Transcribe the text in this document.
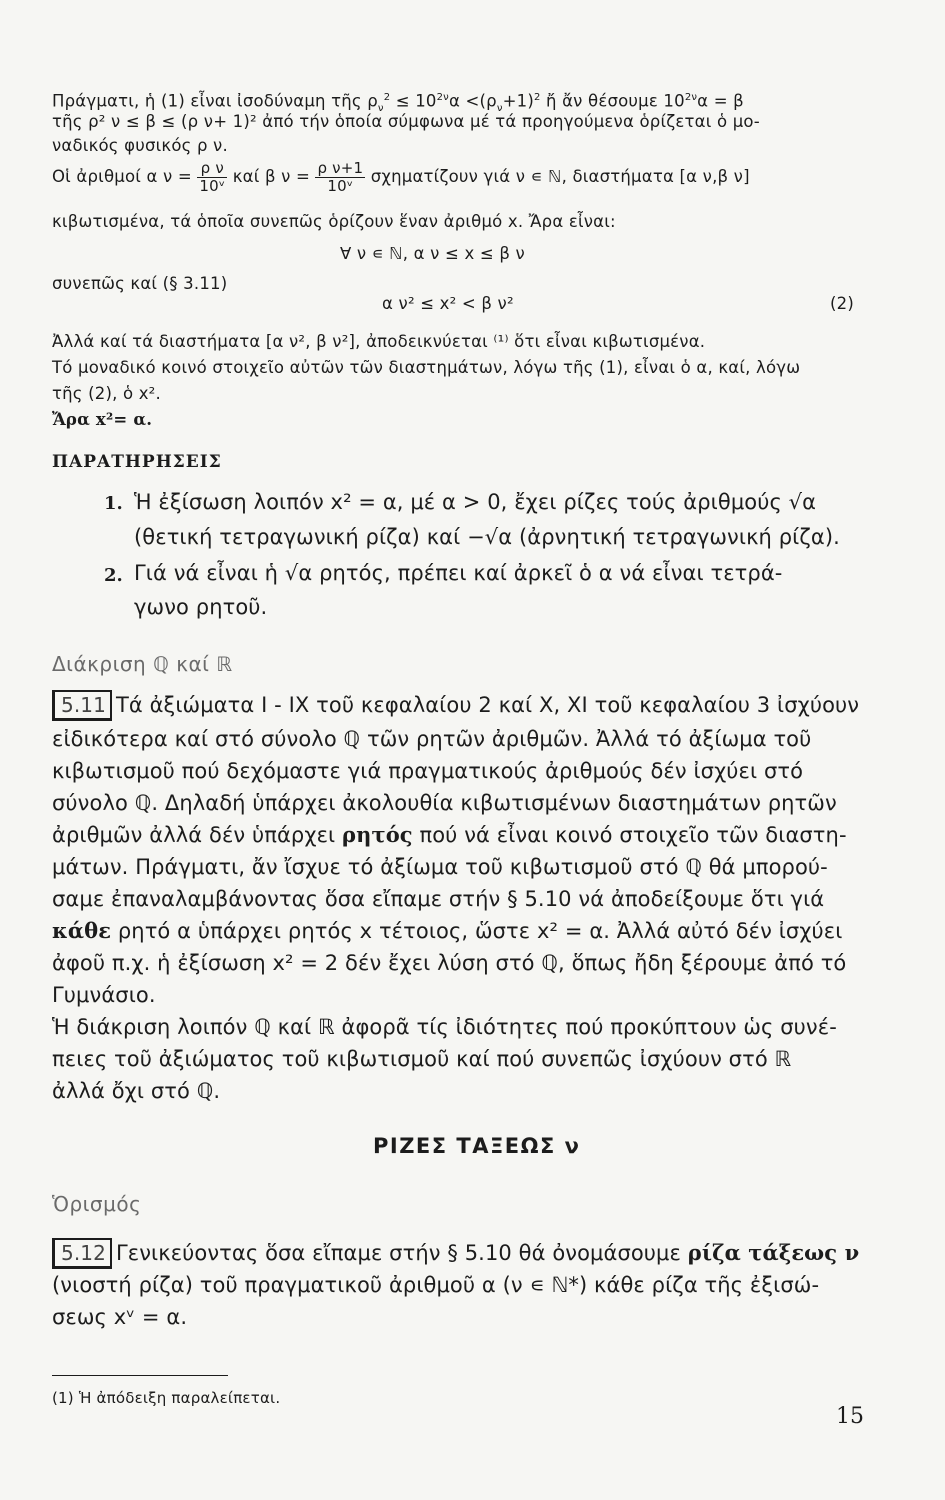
Πράγματι, ἡ (1) εἶναι ἰσοδύναμη τῆς $\rho_\nu^2 \le 10^{2\nu}\alpha <(\rho_\nu+1)^2$ ἤ ἄν θέσουμε $10^{2\nu}\alpha = \beta$
τῆς ρ² ν ≤ β ≤ (ρ ν+ 1)² ἀπό τήν ὁποία σύμφωνα μέ τά προηγούμενα ὁρίζεται ὁ μο-
ναδικός φυσικός ρ ν.
Οἱ ἀριθμοί α $\nu = \frac{\text{ρ ν}}{\text{10ᵛ}}$ καί β $\nu = \frac{\text{ρ ν+1}}{\text{10ᵛ}}$ σχηματίζουν γιά ν ∊ ℕ, διαστήματα [α ν,β ν]
κιβωτισμένα, τά ὁποῖα συνεπῶς ὁρίζουν ἕναν ἀριθμό x. Ἄρα εἶναι:
∀ ν ∊ ℕ, α ν ≤ x ≤ β ν
συνεπῶς καί (§ 3.11)
α ν² ≤ x² < β ν²	(2)
Ἀλλά καί τά διαστήματα [α ν², β ν²], ἀποδεικνύεται ⁽¹⁾ ὅτι εἶναι κιβωτισμένα.
Τό μοναδικό κοινό στοιχεῖο αὐτῶν τῶν διαστημάτων, λόγω τῆς (1), εἶναι ὁ α, καί, λόγω
τῆς (2), ὁ x².
Ἄρα x²= α.
ΠΑΡΑΤΗΡΗΣΕΙΣ
1. Ἡ ἐξίσωση λοιπόν x² = α, μέ α > 0, ἔχει ρίζες τούς ἀριθμούς √α
(θετική τετραγωνική ρίζα) καί −√α (ἀρνητική τετραγωνική ρίζα).
2. Γιά νά εἶναι ἡ √α ρητός, πρέπει καί ἀρκεῖ ὁ α νά εἶναι τετρά-
γωνο ρητοῦ.
Διάκριση ℚ καί ℝ
5.11 Τά ἀξιώματα I - IX τοῦ κεφαλαίου 2 καί X, XI τοῦ κεφαλαίου 3 ἰσχύουν
εἰδικότερα καί στό σύνολο ℚ τῶν ρητῶν ἀριθμῶν. Ἀλλά τό ἀξίωμα τοῦ
κιβωτισμοῦ πού δεχόμαστε γιά πραγματικούς ἀριθμούς δέν ἰσχύει στό
σύνολο ℚ. Δηλαδή ὑπάρχει ἀκολουθία κιβωτισμένων διαστημάτων ρητῶν
ἀριθμῶν ἀλλά δέν ὑπάρχει ρητός πού νά εἶναι κοινό στοιχεῖο τῶν διαστη-
μάτων. Πράγματι, ἄν ἴσχυε τό ἀξίωμα τοῦ κιβωτισμοῦ στό ℚ θά μπορού-
σαμε ἐπαναλαμβάνοντας ὅσα εἴπαμε στήν § 5.10 νά ἀποδείξουμε ὅτι γιά
κάθε ρητό α ὑπάρχει ρητός x τέτοιος, ὥστε x² = α. Ἀλλά αὐτό δέν ἰσχύει
ἀφοῦ π.χ. ἡ ἐξίσωση x² = 2 δέν ἔχει λύση στό ℚ, ὅπως ἤδη ξέρουμε ἀπό τό
Γυμνάσιο.
Ἡ διάκριση λοιπόν ℚ καί ℝ ἀφορᾶ τίς ἰδιότητες πού προκύπτουν ὡς συνέ-
πειες τοῦ ἀξιώματος τοῦ κιβωτισμοῦ καί πού συνεπῶς ἰσχύουν στό ℝ
ἀλλά ὄχι στό ℚ.
ΡΙΖΕΣ ΤΑΞΕΩΣ ν
Ὁρισμός
5.12 Γενικεύοντας ὅσα εἴπαμε στήν § 5.10 θά ὀνομάσουμε ρίζα τάξεως ν
(νιοστή ρίζα) τοῦ πραγματικοῦ ἀριθμοῦ α (ν ∊ ℕ*) κάθε ρίζα τῆς ἐξισώ-
σεως xᵛ = α.
(1) Ἡ ἀπόδειξη παραλείπεται.
15
